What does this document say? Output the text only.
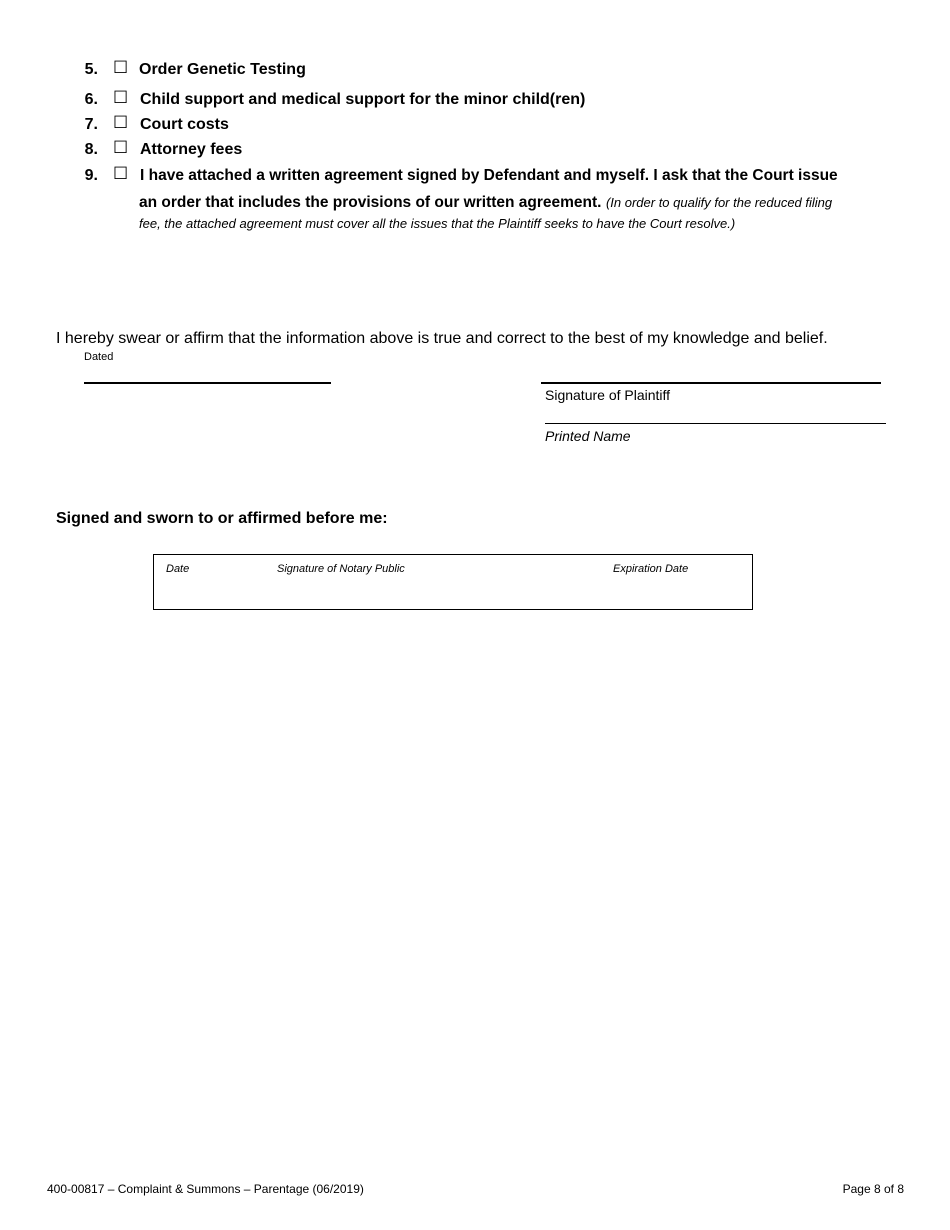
5. ☐ Order Genetic Testing
6. ☐ Child support and medical support for the minor child(ren)
7. ☐ Court costs
8. ☐ Attorney fees
9. ☐ I have attached a written agreement signed by Defendant and myself. I ask that the Court issue
an order that includes the provisions of our written agreement. (In order to qualify for the reduced filing
fee, the attached agreement must cover all the issues that the Plaintiff seeks to have the Court resolve.)
I hereby swear or affirm that the information above is true and correct to the best of my knowledge and belief.
Dated
Signature of Plaintiff
Printed Name
Signed and sworn to or affirmed before me:
Date	Signature of Notary Public	Expiration Date
400-00817 – Complaint & Summons – Parentage (06/2019)	Page 8 of 8
